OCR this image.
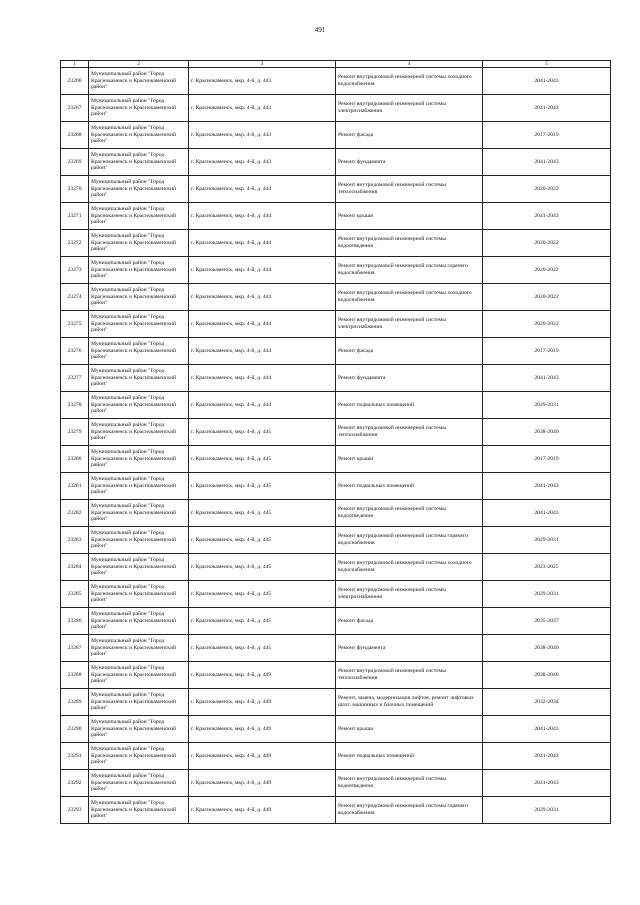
491
1	2	3	4	5
23266	Муниципальный район "Город Краснокаменск и Краснокаменский район"	г. Краснокаменск, мкр. 4-й, д. 443	Ремонт внутридомовой инженерной системы холодного водоснабжения	2041-2043
23267	Муниципальный район "Город Краснокаменск и Краснокаменский район"	г. Краснокаменск, мкр. 4-й, д. 443	Ремонт внутридомовой инженерной системы электроснабжения	2041-2043
23268	Муниципальный район "Город Краснокаменск и Краснокаменский район"	г. Краснокаменск, мкр. 4-й, д. 443	Ремонт фасада	2017-2019
23269	Муниципальный район "Город Краснокаменск и Краснокаменский район"	г. Краснокаменск, мкр. 4-й, д. 443	Ремонт фундамента	2041-2043
23270	Муниципальный район "Город Краснокаменск и Краснокаменский район"	г. Краснокаменск, мкр. 4-й, д. 444	Ремонт внутридомовой инженерной системы теплоснабжения	2020-2022
23271	Муниципальный район "Город Краснокаменск и Краснокаменский район"	г. Краснокаменск, мкр. 4-й, д. 444	Ремонт крыши	2041-2043
23272	Муниципальный район "Город Краснокаменск и Краснокаменский район"	г. Краснокаменск, мкр. 4-й, д. 444	Ремонт внутридомовой инженерной системы водоотведения	2020-2022
23273	Муниципальный район "Город Краснокаменск и Краснокаменский район"	г. Краснокаменск, мкр. 4-й, д. 444	Ремонт внутридомовой инженерной системы горячего водоснабжения	2020-2022
23274	Муниципальный район "Город Краснокаменск и Краснокаменский район"	г. Краснокаменск, мкр. 4-й, д. 444	Ремонт внутридомовой инженерной системы холодного водоснабжения	2020-2022
23275	Муниципальный район "Город Краснокаменск и Краснокаменский район"	г. Краснокаменск, мкр. 4-й, д. 444	Ремонт внутридомовой инженерной системы электроснабжения	2020-2022
23276	Муниципальный район "Город Краснокаменск и Краснокаменский район"	г. Краснокаменск, мкр. 4-й, д. 444	Ремонт фасада	2017-2019
23277	Муниципальный район "Город Краснокаменск и Краснокаменский район"	г. Краснокаменск, мкр. 4-й, д. 444	Ремонт фундамента	2041-2043
23278	Муниципальный район "Город Краснокаменск и Краснокаменский район"	г. Краснокаменск, мкр. 4-й, д. 444	Ремонт подвальных помещений	2029-2031
23279	Муниципальный район "Город Краснокаменск и Краснокаменский район"	г. Краснокаменск, мкр. 4-й, д. 445	Ремонт внутридомовой инженерной системы теплоснабжения	2038-2040
23280	Муниципальный район "Город Краснокаменск и Краснокаменский район"	г. Краснокаменск, мкр. 4-й, д. 445	Ремонт крыши	2017-2019
23281	Муниципальный район "Город Краснокаменск и Краснокаменский район"	г. Краснокаменск, мкр. 4-й, д. 445	Ремонт подвальных помещений	2041-2043
23282	Муниципальный район "Город Краснокаменск и Краснокаменский район"	г. Краснокаменск, мкр. 4-й, д. 445	Ремонт внутридомовой инженерной системы водоотведения	2041-2043
23283	Муниципальный район "Город Краснокаменск и Краснокаменский район"	г. Краснокаменск, мкр. 4-й, д. 445	Ремонт внутридомовой инженерной системы горячего водоснабжения	2029-2031
23284	Муниципальный район "Город Краснокаменск и Краснокаменский район"	г. Краснокаменск, мкр. 4-й, д. 445	Ремонт внутридомовой инженерной системы холодного водоснабжения	2023-2025
23285	Муниципальный район "Город Краснокаменск и Краснокаменский район"	г. Краснокаменск, мкр. 4-й, д. 445	Ремонт внутридомовой инженерной системы электроснабжения	2029-2031
23286	Муниципальный район "Город Краснокаменск и Краснокаменский район"	г. Краснокаменск, мкр. 4-й, д. 445	Ремонт фасада	2035-2037
23287	Муниципальный район "Город Краснокаменск и Краснокаменский район"	г. Краснокаменск, мкр. 4-й, д. 445	Ремонт фундамента	2038-2040
23288	Муниципальный район "Город Краснокаменск и Краснокаменский район"	г. Краснокаменск, мкр. 4-й, д. 449	Ремонт внутридомовой инженерной системы теплоснабжения	2038-2040
23289	Муниципальный район "Город Краснокаменск и Краснокаменский район"	г. Краснокаменск, мкр. 4-й, д. 449	Ремонт, замена, модернизация лифтов, ремонт лифтовых шахт, машинных и блочных помещений	2032-2034
23290	Муниципальный район "Город Краснокаменск и Краснокаменский район"	г. Краснокаменск, мкр. 4-й, д. 449	Ремонт крыши	2041-2043
23291	Муниципальный район "Город Краснокаменск и Краснокаменский район"	г. Краснокаменск, мкр. 4-й, д. 449	Ремонт подвальных помещений	2041-2043
23292	Муниципальный район "Город Краснокаменск и Краснокаменский район"	г. Краснокаменск, мкр. 4-й, д. 449	Ремонт внутридомовой инженерной системы водоотведения	2041-2043
23293	Муниципальный район "Город Краснокаменск и Краснокаменский район"	г. Краснокаменск, мкр. 4-й, д. 449	Ремонт внутридомовой инженерной системы горячего водоснабжения	2029-2031
